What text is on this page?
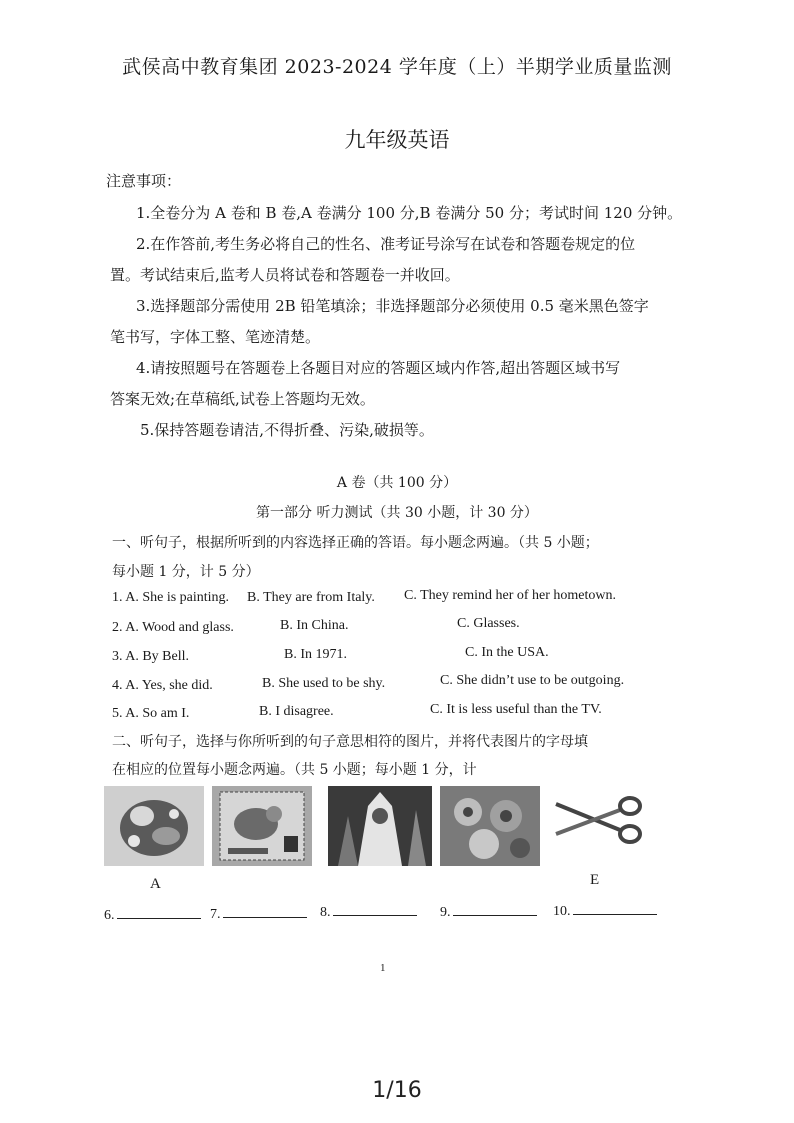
武侯高中教育集团 2023-2024 学年度（上）半期学业质量监测
九年级英语
注意事项：
1.全卷分为 A 卷和 B 卷,A 卷满分 100 分,B 卷满分 50 分；考试时间 120 分钟。
2.在作答前,考生务必将自己的性名、准考证号涂写在试卷和答题卷规定的位
置。考试结束后,监考人员将试卷和答题卷一并收回。
3.选择题部分需使用 2B 铅笔填涂；非选择题部分必须使用 0.5 毫米黑色签字
笔书写，字体工整、笔迹清楚。
4.请按照题号在答题卷上各题目对应的答题区域内作答,超出答题区域书写
答案无效;在草稿纸,试卷上答题均无效。
5.保持答题卷请洁,不得折叠、污染,破损等。
A 卷（共 100 分）
第一部分 听力测试（共 30 小题，计 30 分）
一、听句子，根据所听到的内容选择正确的答语。每小题念两遍。（共 5 小题；
每小题 1 分，计 5 分）
1. A. She is painting. B. They are from Italy. C. They remind her of her hometown.
2. A. Wood and glass.	B. In China.	C. Glasses.
3. A. By Bell.	B. In 1971.	C. In the USA.
4. A. Yes, she did.	B. She used to be shy.	C. She didn’t use to be outgoing.
5. A. So am I.	B. I disagree.	C. It is less useful than the TV.
二、听句子，选择与你所听到的句子意思相符的图片，并将代表图片的字母填
在相应的位置每小题念两遍。（共 5 小题；每小题 1 分，计
A	E
6.	7.	8.	9.	10.
1
1/16
